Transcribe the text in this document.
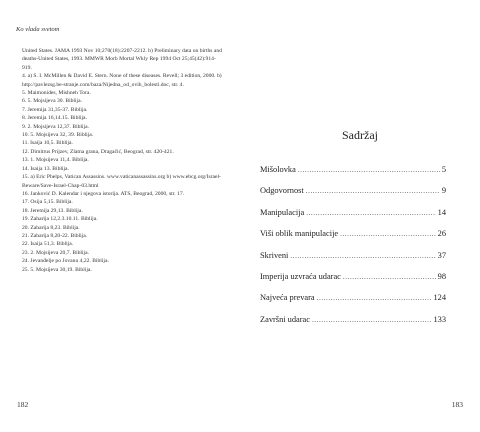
Ko vlada svetom
United States. JAMA 1993 Nov 10;270(18):2207-2212. b) Preliminary data on births and deaths-United States, 1993. MMWR Morb Mortal Wkly Rep 1994 Oct 25;45(42):914-919.
4. a) S. I. McMillen & David E. Stern. None of these diseases. Revell; 3 edition, 2000. b) http://pavlezsg.be-stranje.com/baza/Nijedna_od_ovih_bolesti.doc, str. 4.
5. Maimonides, Mishneh Tora.
6. 5. Mojsijeva 30. Biblija.
7. Jeremija 31,35-37. Biblija.
8. Jeremija 16,14.15. Biblija.
9. 2. Mojsijeva 12,37. Biblija.
10. 5. Mojsijeva 32, 39. Biblija.
11. Isaija 10,5. Biblija.
12. Dimitrus Prijzev, Zlatna grana, Dragačić, Beograd, str. 420-421.
13. 1. Mojsijeva 11,4. Biblija.
14. Isaija 13. Biblija.
15. a) Eric Phelps, Vatican Assassins. www.vaticanassassins.org b) www.ebcg.org/Israel-Beware/Save-Israel-Chap-03.html
16. Janković D. Kalendar i njegova istorija. ATS, Beograd, 2000, str. 17.
17. Osija 5,15. Biblija.
18. Jeremija 29,13. Biblija.
19. Zaharija 12,2.3.10.11. Biblija.
20. Zaharija 8,23. Biblija.
21. Zaharija 8,20-22. Biblija.
22. Isaija 51,3. Biblija.
23. 2. Mojsijeva 20,7. Biblija.
24. Jevanđelje po Jovanu 4,22. Biblija.
25. 5. Mojsijeva 30,19. Biblija.
182
Sadržaj
Mišolovka .....	5
Odgovornost .....	9
Manipulacija .....	14
Viši oblik manipulacije .....	26
Skriveni .....	37
Imperija uzvraća udarac .....	98
Najveća prevara .....	124
Završni udarac .....	133
183
